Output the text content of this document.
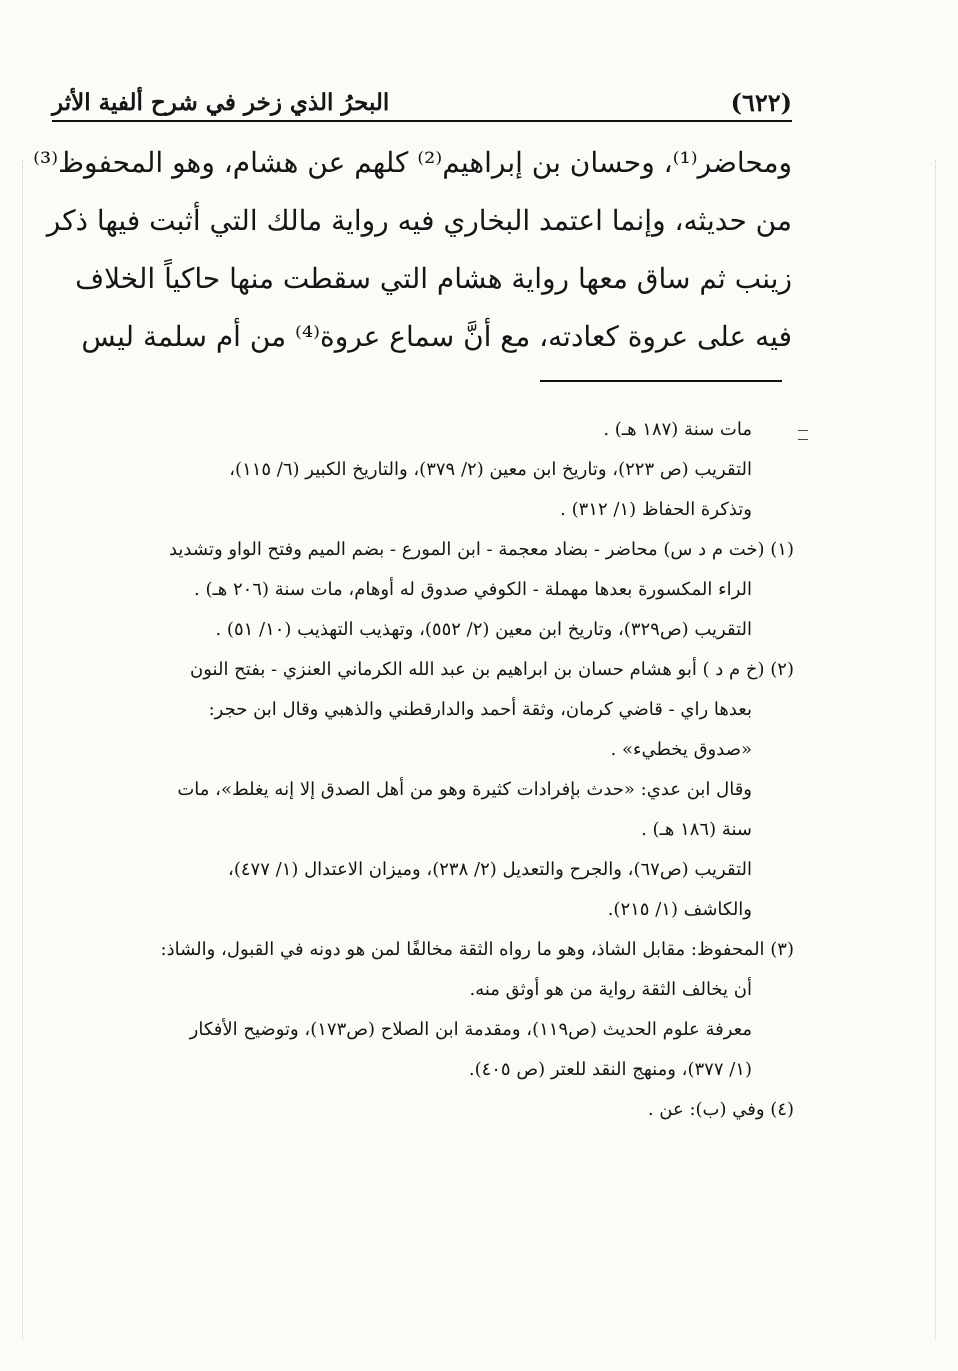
(٦٢٢)
البحرُ الذي زخر في شرح ألفية الأثر
ومحاضر⁽¹⁾، وحسان بن إبراهيم⁽²⁾ كلهم عن هشام، وهو المحفوظ⁽³⁾
من حديثه، وإنما اعتمد البخاري فيه رواية مالك التي أثبت فيها ذكر
زينب ثم ساق معها رواية هشام التي سقطت منها حاكياً الخلاف
فيه على عروة كعادته، مع أنَّ سماع عروة⁽⁴⁾ من أم سلمة ليس
مات سنة (١٨٧ هـ) .
التقريب (ص ٢٢٣)، وتاريخ ابن معين (٢/ ٣٧٩)، والتاريخ الكبير (٦/ ١١٥)،
وتذكرة الحفاظ (١/ ٣١٢) .
(١) (خت م د س) محاضر - بضاد معجمة - ابن المورع - بضم الميم وفتح الواو وتشديد
الراء المكسورة بعدها مهملة - الكوفي صدوق له أوهام، مات سنة (٢٠٦ هـ) .
التقريب (ص٣٢٩)، وتاريخ ابن معين (٢/ ٥٥٢)، وتهذيب التهذيب (١٠/ ٥١) .
(٢) (خ م د ) أبو هشام حسان بن ابراهيم بن عبد الله الكرماني العنزي - بفتح النون
بعدها راي - قاضي كرمان، وثقة أحمد والدارقطني والذهبي وقال ابن حجر:
«صدوق يخطيء» .
وقال ابن عدي: «حدث بإفرادات كثيرة وهو من أهل الصدق إلا إنه يغلط»، مات
سنة (١٨٦ هـ) .
التقريب (ص٦٧)، والجرح والتعديل (٢/ ٢٣٨)، وميزان الاعتدال (١/ ٤٧٧)،
والكاشف (١/ ٢١٥).
(٣) المحفوظ: مقابل الشاذ، وهو ما رواه الثقة مخالفًا لمن هو دونه في القبول، والشاذ:
أن يخالف الثقة رواية من هو أوثق منه.
معرفة علوم الحديث (ص١١٩)، ومقدمة ابن الصلاح (ص١٧٣)، وتوضيح الأفكار
(١/ ٣٧٧)، ومنهج النقد للعتر (ص ٤٠٥).
(٤) وفي (ب): عن .
